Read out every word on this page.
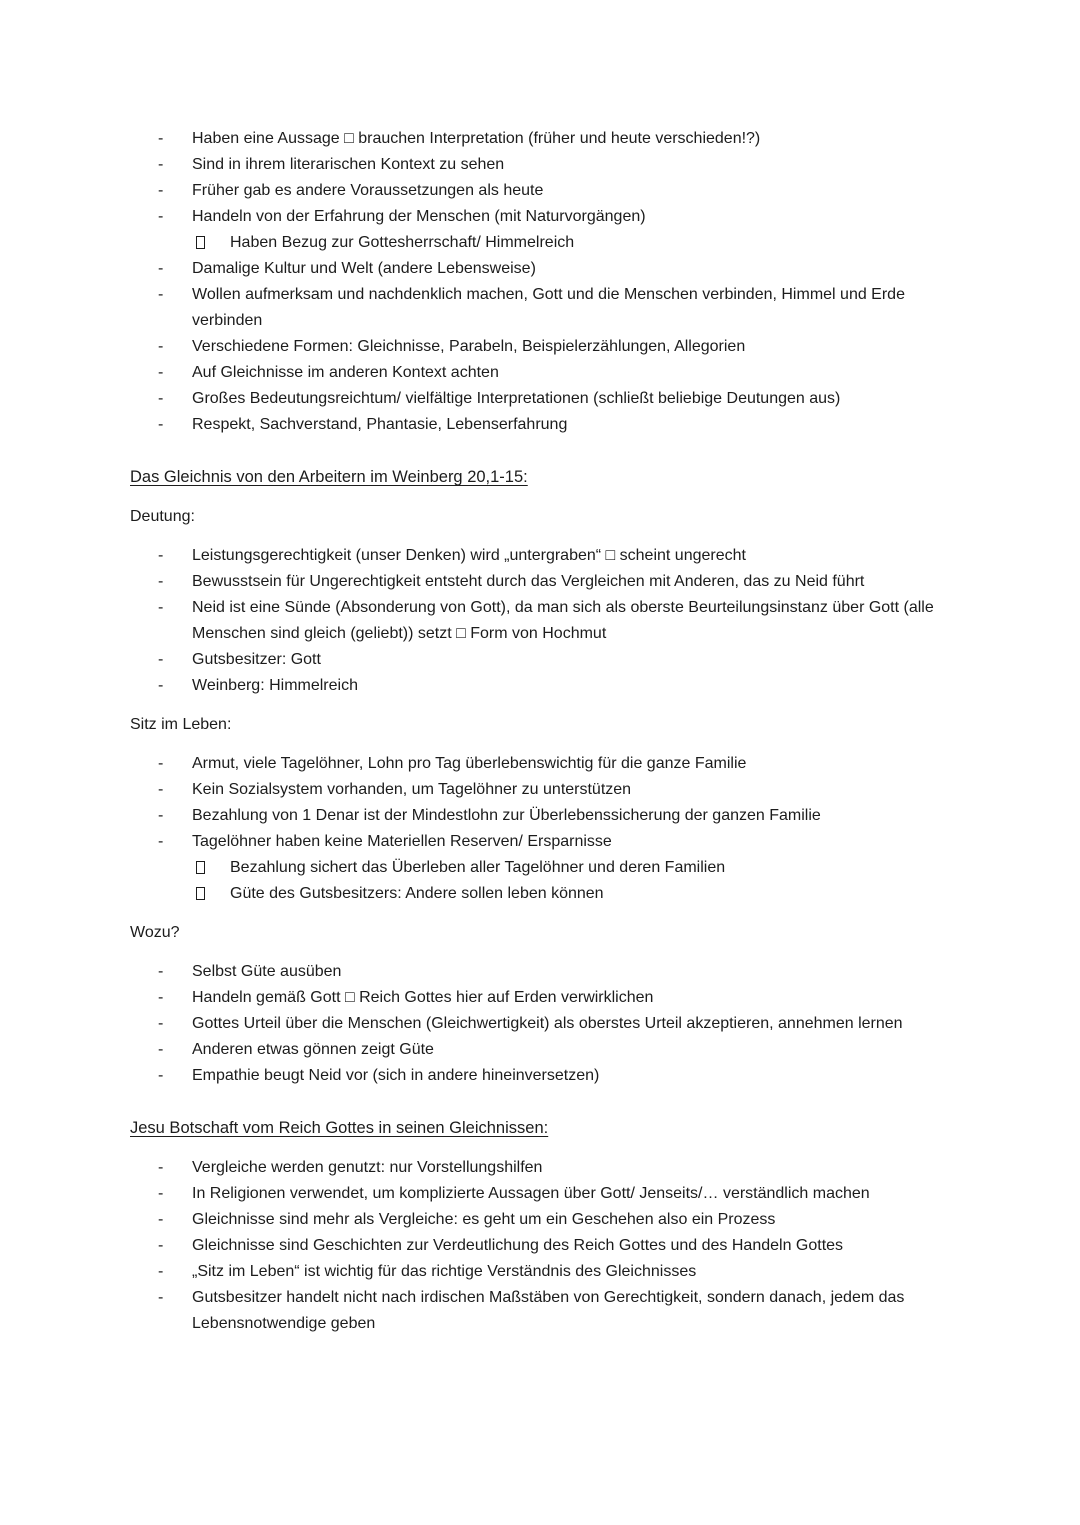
- Haben eine Aussage □ brauchen Interpretation (früher und heute verschieden!?)
- Sind in ihrem literarischen Kontext zu sehen
- Früher gab es andere Voraussetzungen als heute
- Handeln von der Erfahrung der Menschen (mit Naturvorgängen)
Haben Bezug zur Gottesherrschaft/ Himmelreich
- Damalige Kultur und Welt (andere Lebensweise)
- Wollen aufmerksam und nachdenklich machen, Gott und die Menschen verbinden, Himmel und Erde verbinden
- Verschiedene Formen: Gleichnisse, Parabeln, Beispielerzählungen, Allegorien
- Auf Gleichnisse im anderen Kontext achten
- Großes Bedeutungsreichtum/ vielfältige Interpretationen (schließt beliebige Deutungen aus)
- Respekt, Sachverstand, Phantasie, Lebenserfahrung
Das Gleichnis von den Arbeitern im Weinberg 20,1-15:
Deutung:
- Leistungsgerechtigkeit (unser Denken) wird „untergraben“ □ scheint ungerecht
- Bewusstsein für Ungerechtigkeit entsteht durch das Vergleichen mit Anderen, das zu Neid führt
- Neid ist eine Sünde (Absonderung von Gott), da man sich als oberste Beurteilungsinstanz über Gott (alle Menschen sind gleich (geliebt)) setzt □ Form von Hochmut
- Gutsbesitzer: Gott
- Weinberg: Himmelreich
Sitz im Leben:
- Armut, viele Tagelöhner, Lohn pro Tag überlebenswichtig für die ganze Familie
- Kein Sozialsystem vorhanden, um Tagelöhner zu unterstützen
- Bezahlung von 1 Denar ist der Mindestlohn zur Überlebenssicherung der ganzen Familie
- Tagelöhner haben keine Materiellen Reserven/ Ersparnisse
Bezahlung sichert das Überleben aller Tagelöhner und deren Familien
Güte des Gutsbesitzers: Andere sollen leben können
Wozu?
- Selbst Güte ausüben
- Handeln gemäß Gott □ Reich Gottes hier auf Erden verwirklichen
- Gottes Urteil über die Menschen (Gleichwertigkeit) als oberstes Urteil akzeptieren, annehmen lernen
- Anderen etwas gönnen zeigt Güte
- Empathie beugt Neid vor (sich in andere hineinversetzen)
Jesu Botschaft vom Reich Gottes in seinen Gleichnissen:
- Vergleiche werden genutzt: nur Vorstellungshilfen
- In Religionen verwendet, um komplizierte Aussagen über Gott/ Jenseits/… verständlich machen
- Gleichnisse sind mehr als Vergleiche: es geht um ein Geschehen also ein Prozess
- Gleichnisse sind Geschichten zur Verdeutlichung des Reich Gottes und des Handeln Gottes
- „Sitz im Leben“ ist wichtig für das richtige Verständnis des Gleichnisses
- Gutsbesitzer handelt nicht nach irdischen Maßstäben von Gerechtigkeit, sondern danach, jedem das Lebensnotwendige geben
